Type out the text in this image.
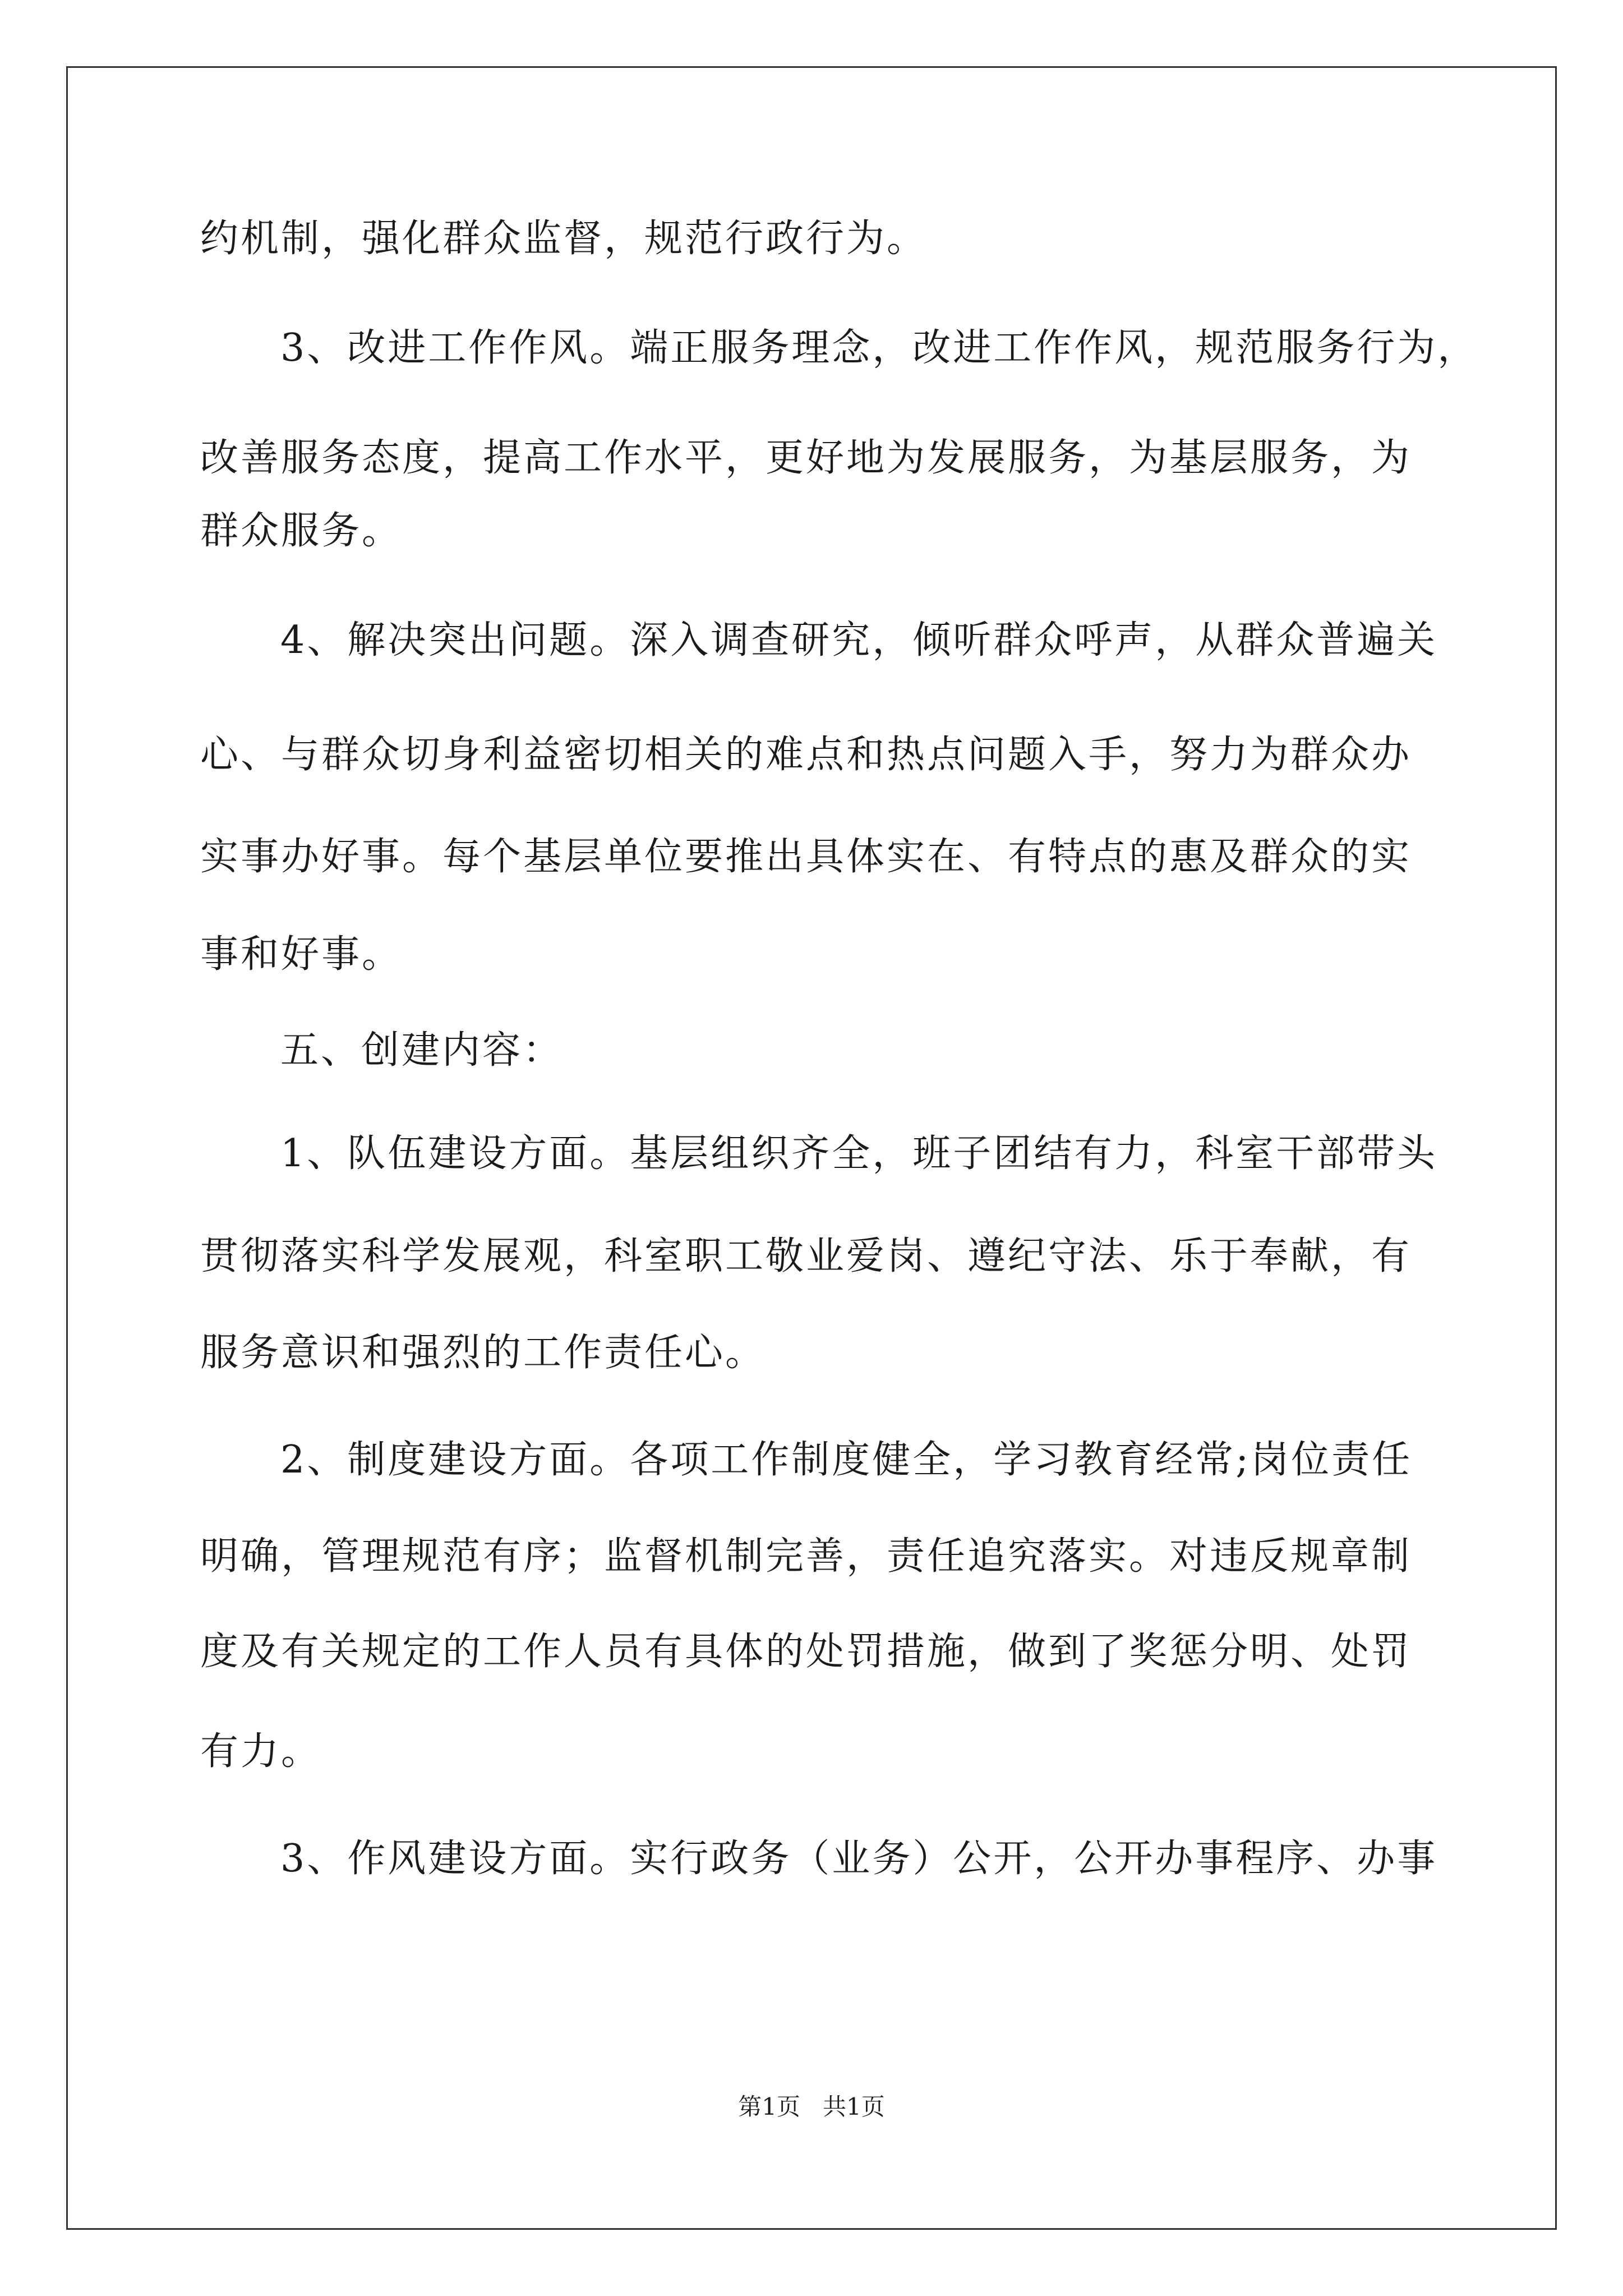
约机制，强化群众监督，规范行政行为。
3、改进工作作风。端正服务理念，改进工作作风，规范服务行为，
改善服务态度，提高工作水平，更好地为发展服务，为基层服务，为
群众服务。
4、解决突出问题。深入调查研究，倾听群众呼声，从群众普遍关
心、与群众切身利益密切相关的难点和热点问题入手，努力为群众办
实事办好事。每个基层单位要推出具体实在、有特点的惠及群众的实
事和好事。
五、创建内容：
1、队伍建设方面。基层组织齐全，班子团结有力，科室干部带头
贯彻落实科学发展观，科室职工敬业爱岗、遵纪守法、乐于奉献，有
服务意识和强烈的工作责任心。
2、制度建设方面。各项工作制度健全，学习教育经常;岗位责任
明确，管理规范有序；监督机制完善，责任追究落实。对违反规章制
度及有关规定的工作人员有具体的处罚措施，做到了奖惩分明、处罚
有力。
3、作风建设方面。实行政务（业务）公开，公开办事程序、办事
第1页   共1页
